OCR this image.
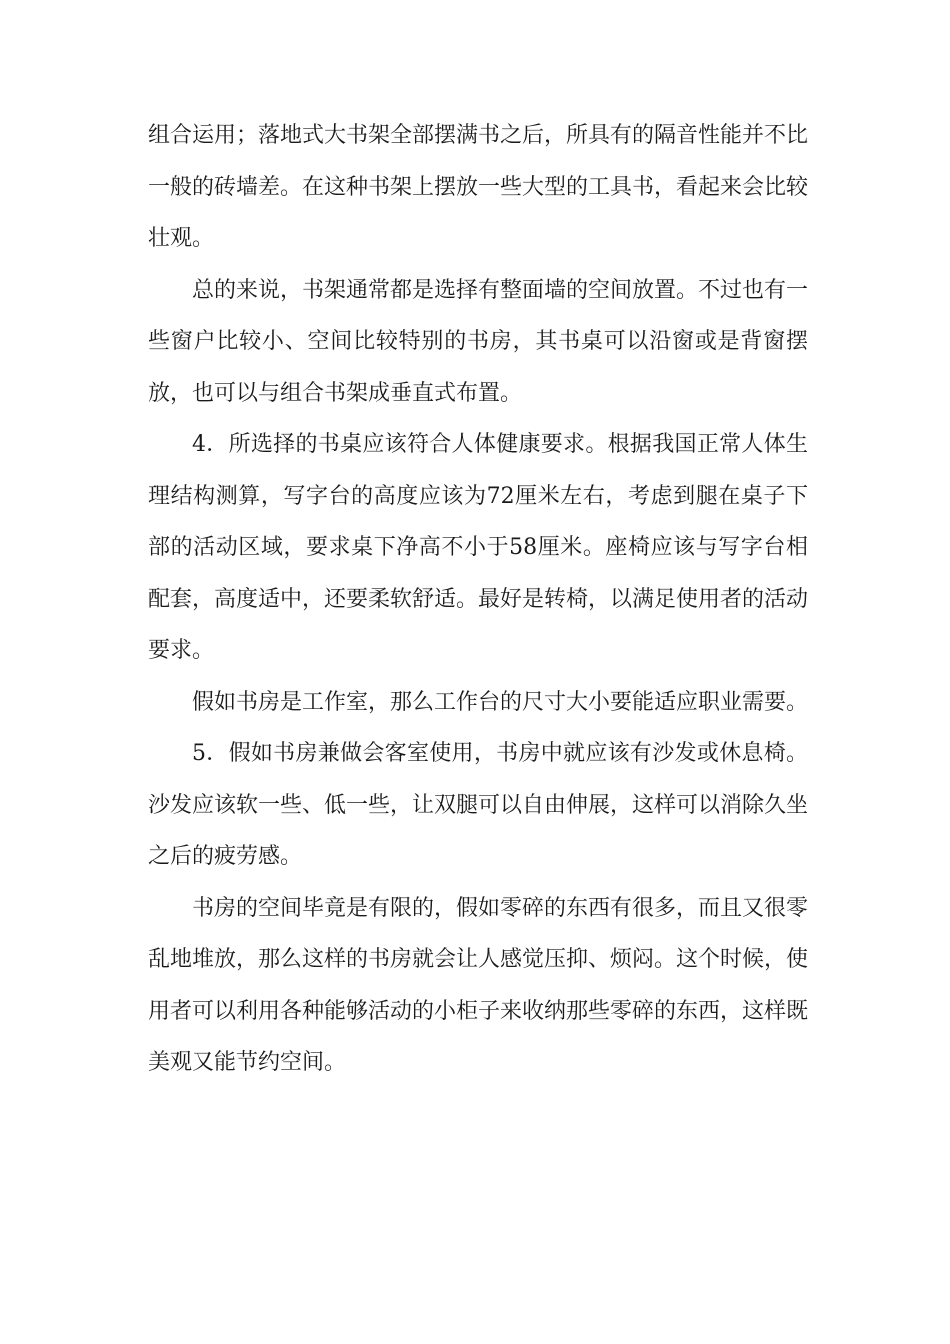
组合运用；落地式大书架全部摆满书之后，所具有的隔音性能并不比一般的砖墙差。在这种书架上摆放一些大型的工具书，看起来会比较壮观。

总的来说，书架通常都是选择有整面墙的空间放置。不过也有一些窗户比较小、空间比较特别的书房，其书桌可以沿窗或是背窗摆放，也可以与组合书架成垂直式布置。

4．所选择的书桌应该符合人体健康要求。根据我国正常人体生理结构测算，写字台的高度应该为72厘米左右，考虑到腿在桌子下部的活动区域，要求桌下净高不小于58厘米。座椅应该与写字台相配套，高度适中，还要柔软舒适。最好是转椅，以满足使用者的活动要求。

假如书房是工作室，那么工作台的尺寸大小要能适应职业需要。

5．假如书房兼做会客室使用，书房中就应该有沙发或休息椅。沙发应该软一些、低一些，让双腿可以自由伸展，这样可以消除久坐之后的疲劳感。

书房的空间毕竟是有限的，假如零碎的东西有很多，而且又很零乱地堆放，那么这样的书房就会让人感觉压抑、烦闷。这个时候，使用者可以利用各种能够活动的小柜子来收纳那些零碎的东西，这样既美观又能节约空间。
